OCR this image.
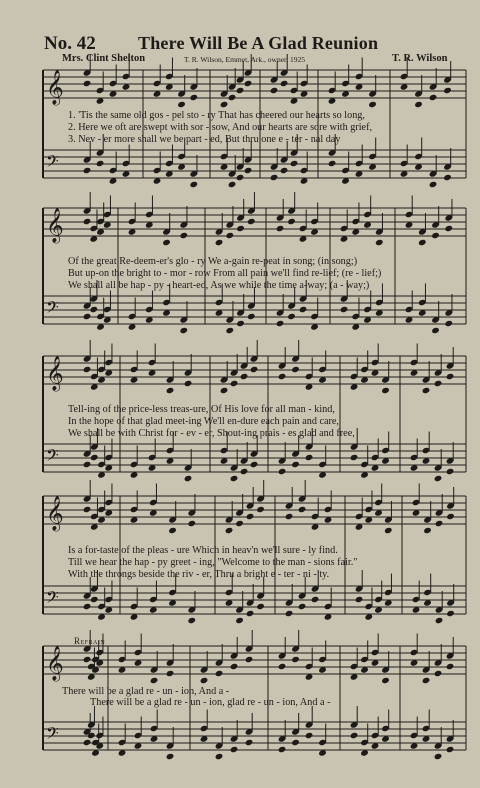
No. 42 There Will Be A Glad Reunion
Mrs. Clint Shelton	T. R. Wilson, Emmet, Ark., owner, 1925	T. R. Wilson
𝄞
𝄢
𝄞
𝄢
𝄞
𝄢
𝄞
𝄢
𝄞
𝄢
1. 'Tis the same old gos - pel sto - ry That has cheered our hearts so long,
2. Here we oft are swept with sor - sow, And our hearts are sore with grief,
3. Nev - er more shall we be part - ed, But thru one e - ter - nal day
Of the great Re-deem-er's glo - ry We a-gain re-peat in song; (in song;)
But up-on the bright to - mor - row From all pain we'll find re-lief; (re - lief;)
We shall all be hap - py - heart-ed, As we while the time a-way; (a - way;)
Tell-ing of the price-less treas-ure, Of His love for all man - kind,
In the hope of that glad meet-ing We'll en-dure each pain and care,
We shall be with Christ for - ev - er, Shout-ing prais - es glad and free,
Is a for-taste of the pleas - ure Which in heav'n we'll sure - ly find.
Till we hear the hap - py greet - ing, "Welcome to the man - sions fair."
With the throngs beside the riv - er, Thru a bright e - ter - ni - ty.
Refrain
There will be a glad re - un - ion, And a -
There will be a glad re - un - ion, glad re - un - ion, And a -
